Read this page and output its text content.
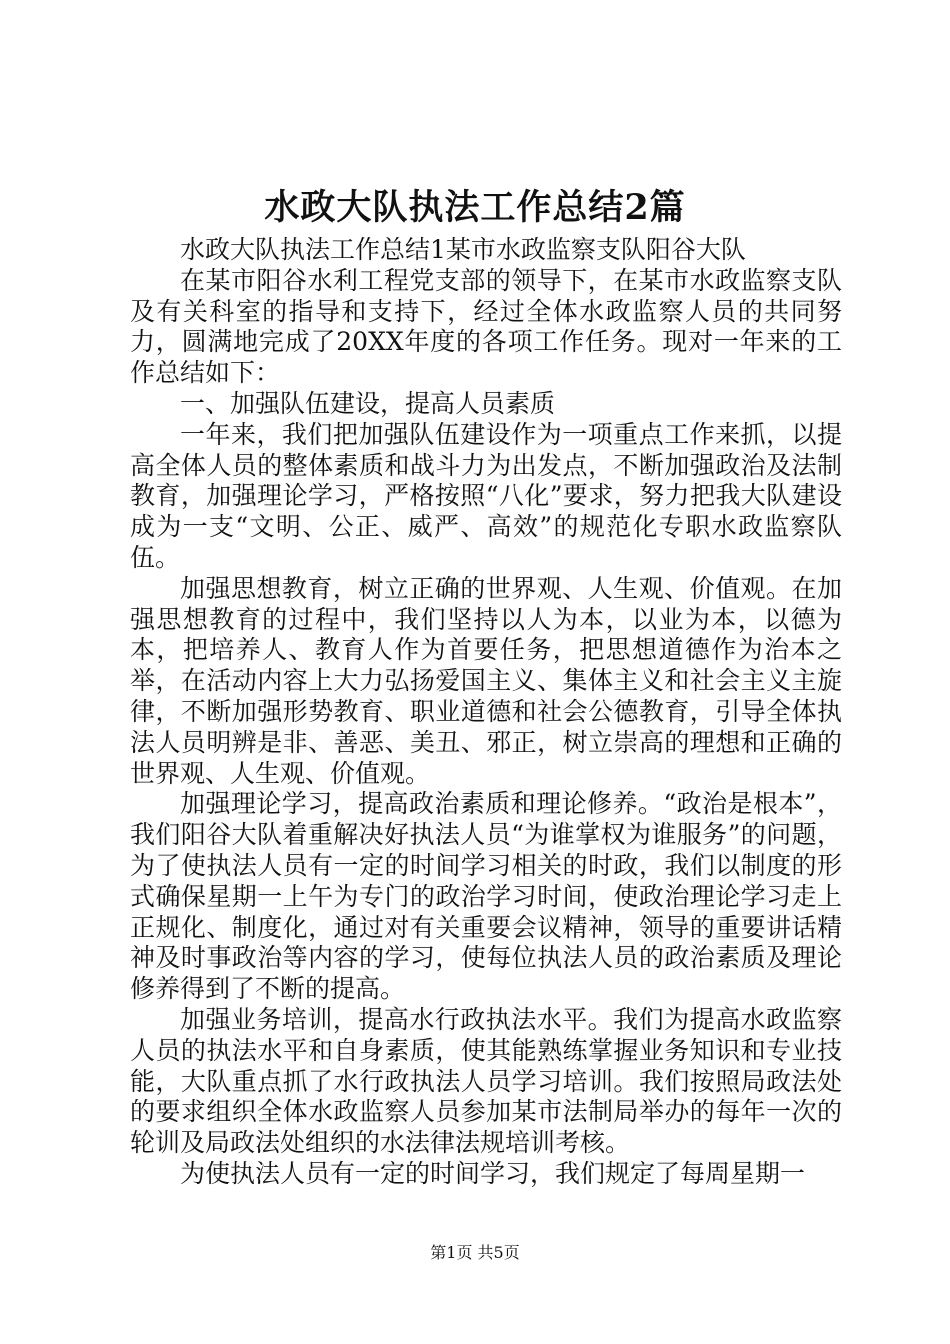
水政大队执法工作总结2篇

水政大队执法工作总结1某市水政监察支队阳谷大队

在某市阳谷水利工程党支部的领导下，在某市水政监察支队及有关科室的指导和支持下，经过全体水政监察人员的共同努力，圆满地完成了20XX年度的各项工作任务。现对一年来的工作总结如下：

一、加强队伍建设，提高人员素质

一年来，我们把加强队伍建设作为一项重点工作来抓，以提高全体人员的整体素质和战斗力为出发点，不断加强政治及法制教育，加强理论学习，严格按照“八化”要求，努力把我大队建设成为一支“文明、公正、威严、高效”的规范化专职水政监察队伍。

加强思想教育，树立正确的世界观、人生观、价值观。在加强思想教育的过程中，我们坚持以人为本，以业为本，以德为本，把培养人、教育人作为首要任务，把思想道德作为治本之举，在活动内容上大力弘扬爱国主义、集体主义和社会主义主旋律，不断加强形势教育、职业道德和社会公德教育，引导全体执法人员明辨是非、善恶、美丑、邪正，树立崇高的理想和正确的世界观、人生观、价值观。

加强理论学习，提高政治素质和理论修养。“政治是根本”，我们阳谷大队着重解决好执法人员“为谁掌权为谁服务”的问题，为了使执法人员有一定的时间学习相关的时政，我们以制度的形式确保星期一上午为专门的政治学习时间，使政治理论学习走上正规化、制度化，通过对有关重要会议精神，领导的重要讲话精神及时事政治等内容的学习，使每位执法人员的政治素质及理论修养得到了不断的提高。

加强业务培训，提高水行政执法水平。我们为提高水政监察人员的执法水平和自身素质，使其能熟练掌握业务知识和专业技能，大队重点抓了水行政执法人员学习培训。我们按照局政法处的要求组织全体水政监察人员参加某市法制局举办的每年一次的轮训及局政法处组织的水法律法规培训考核。

为使执法人员有一定的时间学习，我们规定了每周星期一

第1页 共5页
